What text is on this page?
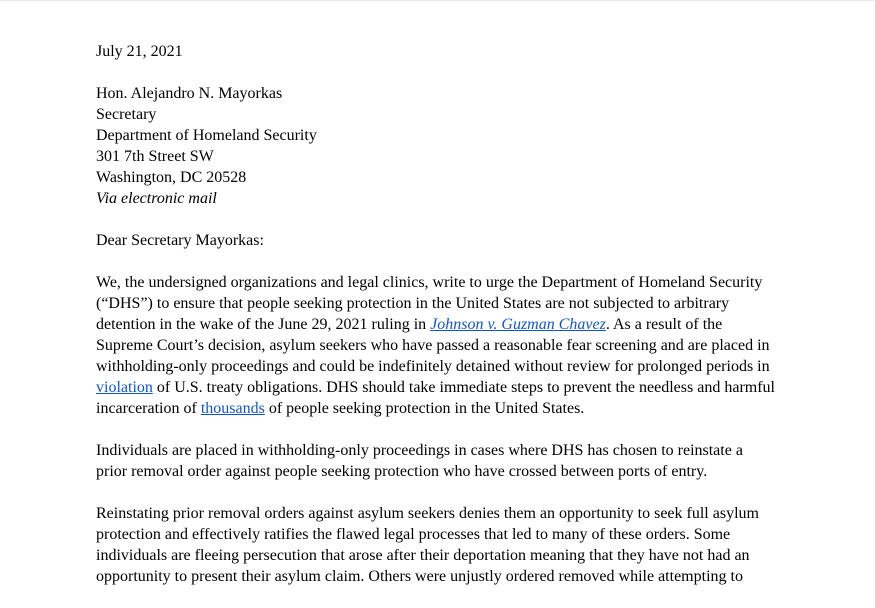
July 21, 2021

Hon. Alejandro N. Mayorkas

Secretary

Department of Homeland Security

301 7th Street SW

Washington, DC 20528

Via electronic mail

Dear Secretary Mayorkas:

We, the undersigned organizations and legal clinics, write to urge the Department of Homeland Security (“DHS”) to ensure that people seeking protection in the United States are not subjected to arbitrary detention in the wake of the June 29, 2021 ruling in Johnson v. Guzman Chavez. As a result of the Supreme Court’s decision, asylum seekers who have passed a reasonable fear screening and are placed in withholding-only proceedings and could be indefinitely detained without review for prolonged periods in violation of U.S. treaty obligations. DHS should take immediate steps to prevent the needless and harmful incarceration of thousands of people seeking protection in the United States.

Individuals are placed in withholding-only proceedings in cases where DHS has chosen to reinstate a prior removal order against people seeking protection who have crossed between ports of entry.

Reinstating prior removal orders against asylum seekers denies them an opportunity to seek full asylum protection and effectively ratifies the flawed legal processes that led to many of these orders. Some individuals are fleeing persecution that arose after their deportation meaning that they have not had an opportunity to present their asylum claim. Others were unjustly ordered removed while attempting to
